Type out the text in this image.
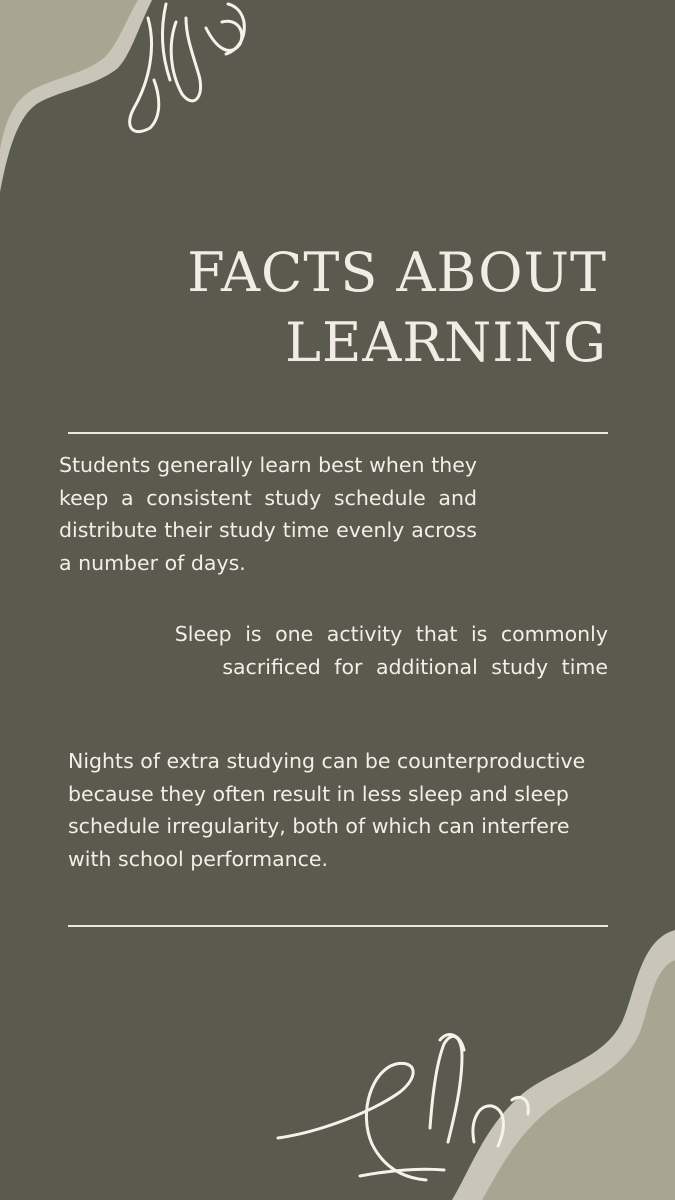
FACTS ABOUT
LEARNING

Students generally learn best when they keep a consistent study schedule and distribute their study time evenly across a number of days.

Sleep is one activity that is commonly sacrificed for additional study time

Nights of extra studying can be counterproductive because they often result in less sleep and sleep schedule irregularity, both of which can interfere with school performance.
